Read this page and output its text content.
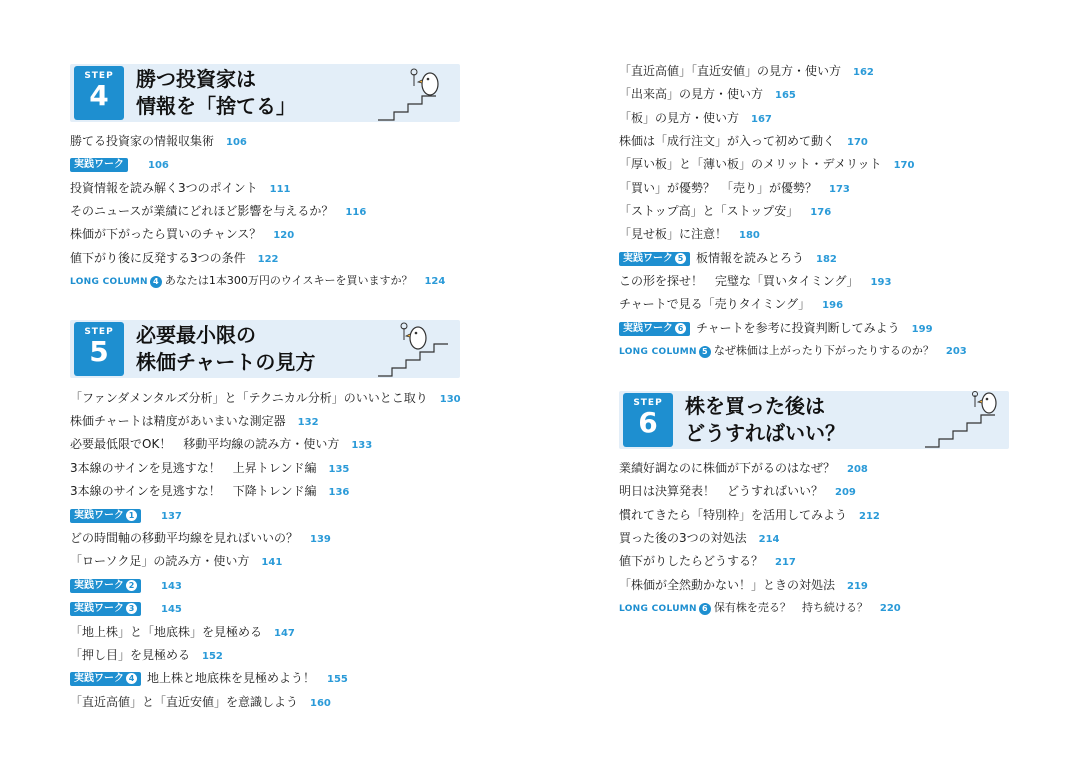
STEP
4	勝つ投資家は
情報を「捨てる」
勝てる投資家の情報収集術 106
実践ワーク 106
投資情報を読み解く3つのポイント 111
そのニュースが業績にどれほど影響を与えるか？ 116
株価が下がったら買いのチャンス？ 120
値下がり後に反発する3つの条件 122
LONG COLUMN 4 あなたは1本300万円のウイスキーを買いますか？ 124
STEP
5	必要最小限の
株価チャートの見方
「ファンダメンタルズ分析」と「テクニカル分析」のいいとこ取り 130
株価チャートは精度があいまいな測定器 132
必要最低限でOK！　移動平均線の読み方・使い方 133
3本線のサインを見逃すな！　上昇トレンド編 135
3本線のサインを見逃すな！　下降トレンド編 136
実践ワーク 1	137
どの時間軸の移動平均線を見ればいいの？ 139
「ローソク足」の読み方・使い方 141
実践ワーク 2	143
実践ワーク 3	145
「地上株」と「地底株」を見極める 147
「押し目」を見極める 152
実践ワーク 4 地上株と地底株を見極めよう！ 155
「直近高値」と「直近安値」を意識しよう 160
「直近高値」「直近安値」の見方・使い方 162
「出来高」の見方・使い方 165
「板」の見方・使い方 167
株価は「成行注文」が入って初めて動く 170
「厚い板」と「薄い板」のメリット・デメリット 170
「買い」が優勢？　「売り」が優勢？ 173
「ストップ高」と「ストップ安」 176
「見せ板」に注意！ 180
実践ワーク 5 板情報を読みとろう 182
この形を探せ！　完璧な「買いタイミング」 193
チャートで見る「売りタイミング」 196
実践ワーク 6 チャートを参考に投資判断してみよう 199
LONG COLUMN 5 なぜ株価は上がったり下がったりするのか？ 203
STEP
6	株を買った後は
どうすればいい？
業績好調なのに株価が下がるのはなぜ？ 208
明日は決算発表！　どうすればいい？ 209
慣れてきたら「特別枠」を活用してみよう 212
買った後の3つの対処法 214
値下がりしたらどうする？ 217
「株価が全然動かない！」ときの対処法 219
LONG COLUMN 6 保有株を売る？　持ち続ける？ 220
